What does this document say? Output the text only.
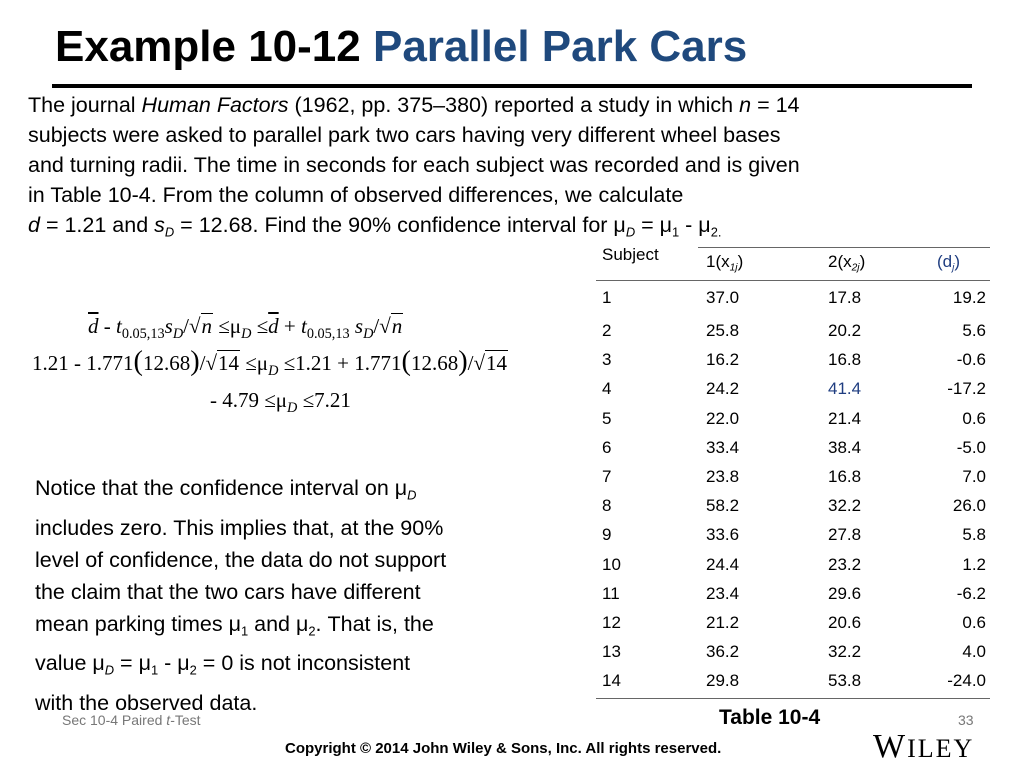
Example 10-12 Parallel Park Cars

The journal Human Factors (1962, pp. 375–380) reported a study in which n = 14

subjects were asked to parallel park two cars having very different wheel bases

and turning radii. The time in seconds for each subject was recorded and is given

in Table 10-4. From the column of observed differences, we calculate

d = 1.21 and $s_D = 12.68$. Find the 90% confidence interval for $\mu_D = \mu_1 - \mu_{2.}$

$\overline{d} - t_{0.05,13}s_D/√n \le\mu_D \le\overline{d} + t_{0.05,13}$ $s_D/√n$
$1.21 - 1.771(12.68)/√14 \le\mu_D \le 1.21 + 1.771(12.68)/√14$
- $4.79 \le\mu_D \le 7.21$
Subject	$1(x_{1j})$	$2(x_{2j})$	$(d_j)$
1	37.0	17.8	19.2
2	25.8	20.2	5.6
3	16.2	16.8	-0.6
4	24.2	41.4	-17.2
5	22.0	21.4	0.6
6	33.4	38.4	-5.0
7	23.8	16.8	7.0
8	58.2	32.2	26.0
9	33.6	27.8	5.8
10	24.4	23.2	1.2
11	23.4	29.6	-6.2
12	21.2	20.6	0.6
13	36.2	32.2	4.0
14	29.8	53.8	-24.0

Notice that the confidence interval on $\mu_D$

includes zero. This implies that, at the 90%

level of confidence, the data do not support

the claim that the two cars have different

mean parking times $\mu_1$ and $\mu_2$. That is, the

value $\mu_D = \mu_1 - \mu_2 = 0$ is not inconsistent

with the observed data.

Sec 10-4 Paired t-Test	Table 10-4	33
Copyright © 2014 John Wiley & Sons, Inc. All rights reserved.	WILEY
